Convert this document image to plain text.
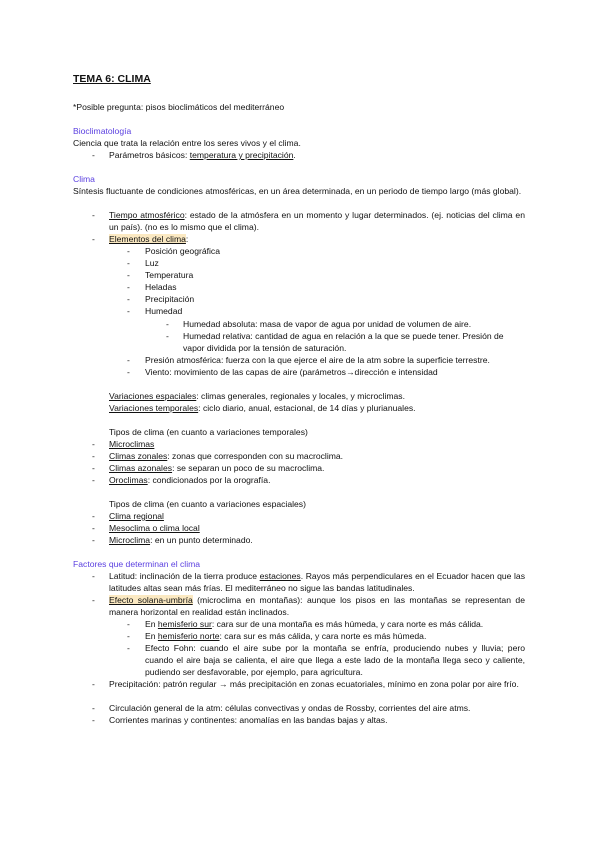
TEMA 6: CLIMA
*Posible pregunta: pisos bioclimáticos del mediterráneo
Bioclimatología
Ciencia que trata la relación entre los seres vivos y el clima.
- Parámetros básicos: temperatura y precipitación.
Clima
Síntesis fluctuante de condiciones atmosféricas, en un área determinada, en un periodo de tiempo largo (más global).
- Tiempo atmosférico: estado de la atmósfera en un momento y lugar determinados. (ej. noticias del clima en un país). (no es lo mismo que el clima).
- Elementos del clima:
- Posición geográfica
- Luz
- Temperatura
- Heladas
- Precipitación
- Humedad
- Humedad absoluta: masa de vapor de agua por unidad de volumen de aire.
- Humedad relativa: cantidad de agua en relación a la que se puede tener. Presión de
vapor dividida por la tensión de saturación.
- Presión atmosférica: fuerza con la que ejerce el aire de la atm sobre la superficie terrestre.
- Viento: movimiento de las capas de aire (parámetros→dirección e intensidad
Variaciones espaciales: climas generales, regionales y locales, y microclimas.
Variaciones temporales: ciclo diario, anual, estacional, de 14 días y plurianuales.
Tipos de clima (en cuanto a variaciones temporales)
- Microclimas
- Climas zonales: zonas que corresponden con su macroclima.
- Climas azonales: se separan un poco de su macroclima.
- Oroclimas: condicionados por la orografía.
Tipos de clima (en cuanto a variaciones espaciales)
- Clima regional
- Mesoclima o clima local
- Microclima: en un punto determinado.
Factores que determinan el clima
- Latitud: inclinación de la tierra produce estaciones. Rayos más perpendiculares en el Ecuador hacen que las latitudes altas sean más frías. El mediterráneo no sigue las bandas latitudinales.
- Efecto solana-umbría (microclima en montañas): aunque los pisos en las montañas se representan de manera horizontal en realidad están inclinados.
- En hemisferio sur: cara sur de una montaña es más húmeda, y cara norte es más cálida.
- En hemisferio norte: cara sur es más cálida, y cara norte es más húmeda.
- Efecto Fohn: cuando el aire sube por la montaña se enfría, produciendo nubes y lluvia; pero cuando el aire baja se calienta, el aire que llega a este lado de la montaña llega seco y caliente, pudiendo ser desfavorable, por ejemplo, para agricultura.
- Precipitación: patrón regular → más precipitación en zonas ecuatoriales, mínimo en zona polar por aire frío.
- Circulación general de la atm: células convectivas y ondas de Rossby, corrientes del aire atms.
- Corrientes marinas y continentes: anomalías en las bandas bajas y altas.
